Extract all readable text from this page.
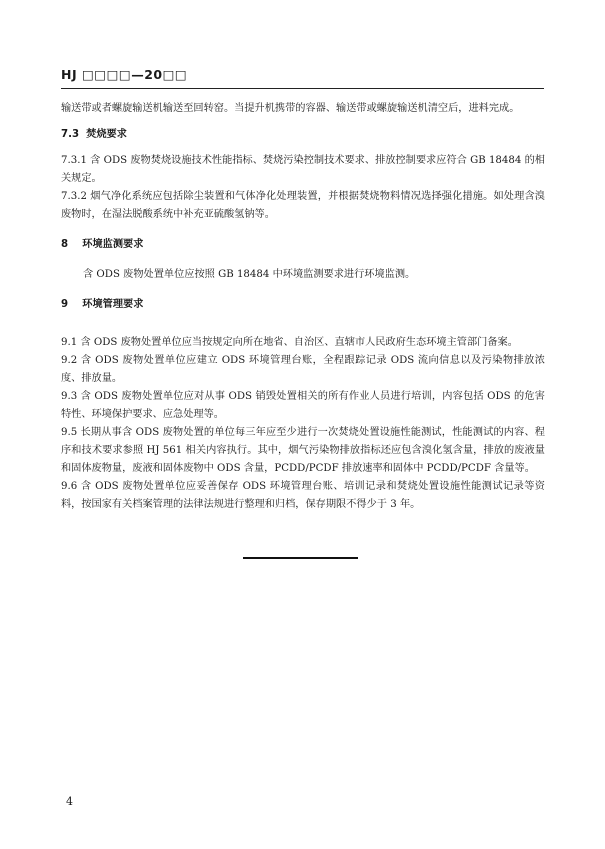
HJ □□□□—20□□

输送带或者螺旋输送机输送至回转窑。当提升机携带的容器、输送带或螺旋输送机清空后，进料完成。

7.3 焚烧要求

7.3.1 含 ODS 废物焚烧设施技术性能指标、焚烧污染控制技术要求、排放控制要求应符合 GB 18484 的相关规定。

7.3.2 烟气净化系统应包括除尘装置和气体净化处理装置，并根据焚烧物料情况选择强化措施。如处理含溴废物时，在湿法脱酸系统中补充亚硫酸氢钠等。

8 环境监测要求

含 ODS 废物处置单位应按照 GB 18484 中环境监测要求进行环境监测。

9 环境管理要求

9.1 含 ODS 废物处置单位应当按规定向所在地省、自治区、直辖市人民政府生态环境主管部门备案。

9.2 含 ODS 废物处置单位应建立 ODS 环境管理台账，全程跟踪记录 ODS 流向信息以及污染物排放浓度、排放量。

9.3 含 ODS 废物处置单位应对从事 ODS 销毁处置相关的所有作业人员进行培训，内容包括 ODS 的危害特性、环境保护要求、应急处理等。

9.5 长期从事含 ODS 废物处置的单位每三年应至少进行一次焚烧处置设施性能测试，性能测试的内容、程序和技术要求参照 HJ 561 相关内容执行。其中，烟气污染物排放指标还应包含溴化氢含量，排放的废液量和固体废物量，废液和固体废物中 ODS 含量，PCDD/PCDF 排放速率和固体中 PCDD/PCDF 含量等。

9.6 含 ODS 废物处置单位应妥善保存 ODS 环境管理台账、培训记录和焚烧处置设施性能测试记录等资料，按国家有关档案管理的法律法规进行整理和归档，保存期限不得少于 3 年。

4
